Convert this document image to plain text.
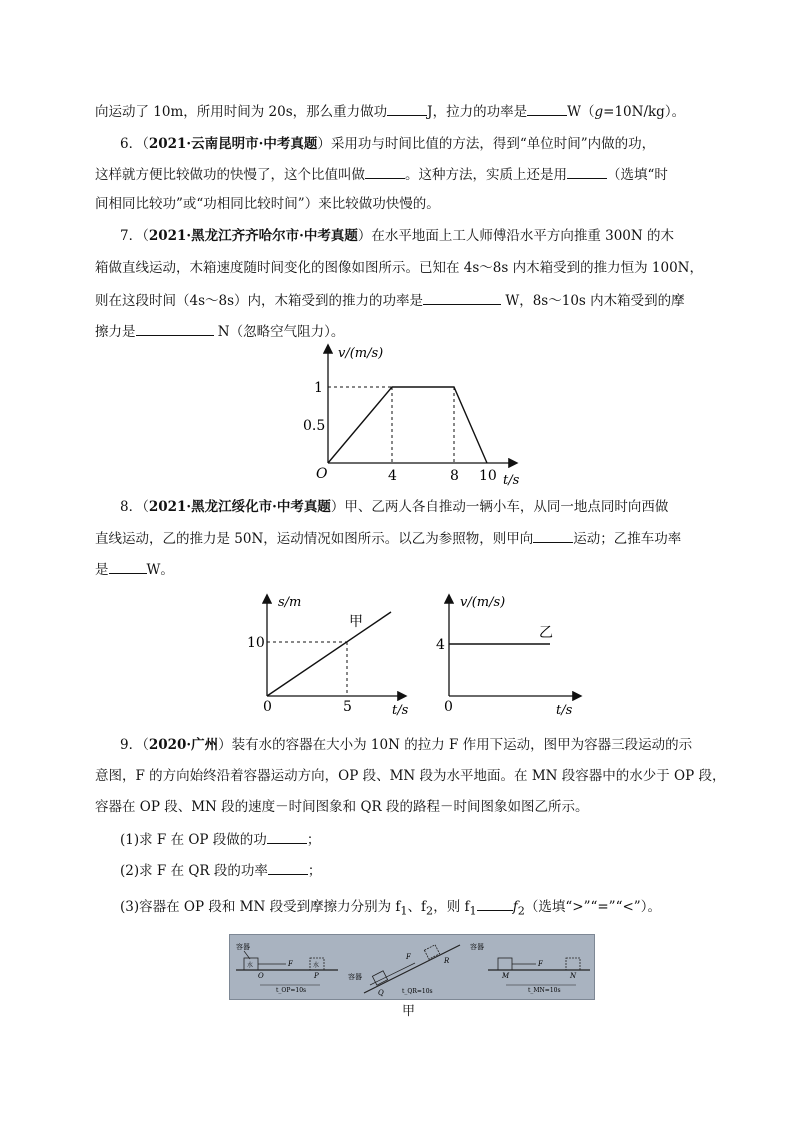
向运动了 10m，所用时间为 20s，那么重力做功	J，拉力的功率是	W（g=10N/kg）。
6．（2021·云南昆明市·中考真题）采用功与时间比值的方法，得到“单位时间”内做的功，
这样就方便比较做功的快慢了，这个比值叫做	。这种方法，实质上还是用	（选填“时
间相同比较功”或“功相同比较时间”）来比较做功快慢的。
7．（2021·黑龙江齐齐哈尔市·中考真题）在水平地面上工人师傅沿水平方向推重 300N 的木
箱做直线运动，木箱速度随时间变化的图像如图所示。已知在 4s～8s 内木箱受到的推力恒为 100N，
则在这段时间（4s～8s）内，木箱受到的推力的功率是	W，8s～10s 内木箱受到的摩
擦力是	N（忽略空气阻力）。
v/(m/s)
t/s
O
1
0.5
4	8 10
8．（2021·黑龙江绥化市·中考真题）甲、乙两人各自推动一辆小车，从同一地点同时向西做
直线运动，乙的推力是 50N，运动情况如图所示。以乙为参照物，则甲向	运动；乙推车功率
是	W。
s/m
t/s
0
10
5
甲
v/(m/s)
t/s
0
4
乙
9．（2020·广州）装有水的容器在大小为 10N 的拉力 F 作用下运动，图甲为容器三段运动的示
意图，F 的方向始终沿着容器运动方向，OP 段、MN 段为水平地面。在 MN 段容器中的水少于 OP 段，
容器在 OP 段、MN 段的速度－时间图象和 QR 段的路程－时间图象如图乙所示。
(1)求 F 在 OP 段做的功	；
(2)求 F 在 QR 段的功率	；
(3)容器在 OP 段和 MN 段受到摩擦力分别为 $f_1$、$f_2$，则 $f_1$	$f_2$（选填“>”“=”“<”）。
容器
水	F	水
O	P
t_OP=10s
容器
F
Q
R
t_QR=10s
容器
F
M	N
t_MN=10s
甲
